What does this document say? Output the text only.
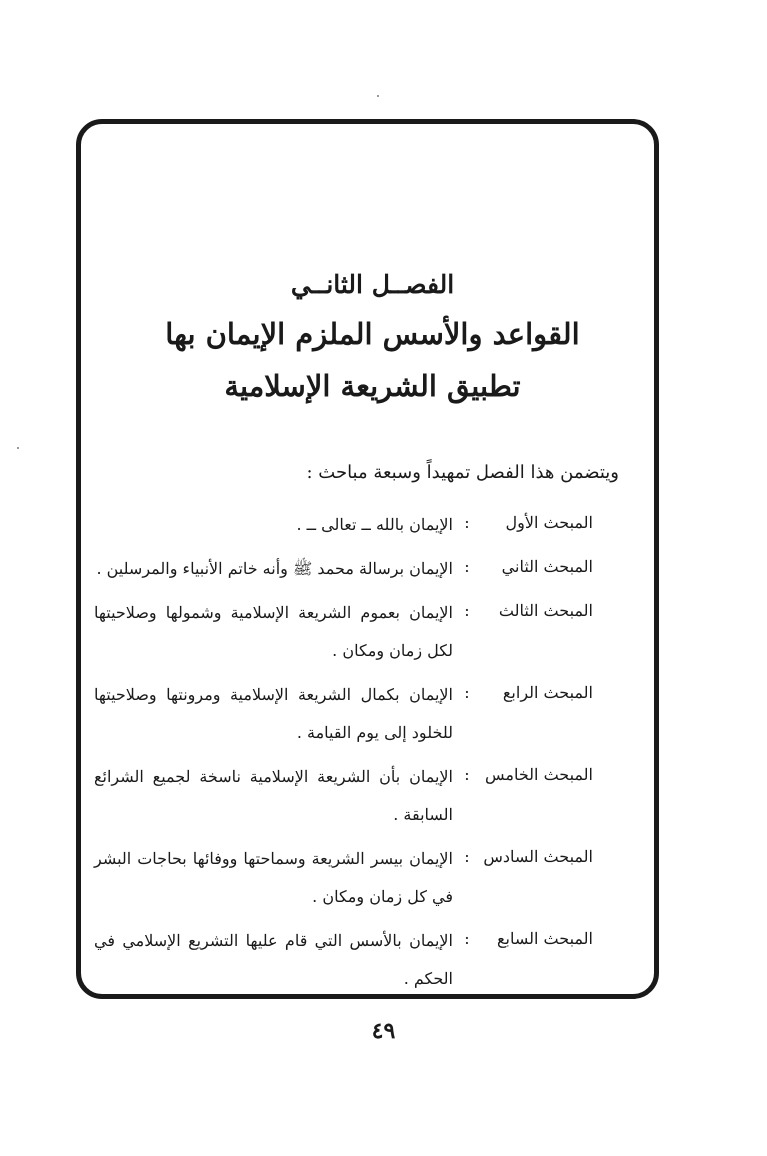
الفصــل الثانــي
القواعد والأسس الملزم الإيمان بها
تطبيق الشريعة الإسلامية
ويتضمن هذا الفصل تمهيداً وسبعة مباحث :
المبحث الأول
:
الإيمان بالله ــ تعالى ــ .
المبحث الثاني
:
الإيمان برسالة محمد ﷺ وأنه خاتم الأنبياء والمرسلين .
المبحث الثالث
:
الإيمان بعموم الشريعة الإسلامية وشمولها وصلاحيتها لكل زمان ومكان .
المبحث الرابع
:
الإيمان بكمال الشريعة الإسلامية ومرونتها وصلاحيتها للخلود إلى يوم القيامة .
المبحث الخامس
:
الإيمان بأن الشريعة الإسلامية ناسخة لجميع الشرائع السابقة .
المبحث السادس
:
الإيمان بيسر الشريعة وسماحتها ووفائها بحاجات البشر في كل زمان ومكان .
المبحث السابع
:
الإيمان بالأسس التي قام عليها التشريع الإسلامي في الحكم .
٤٩
